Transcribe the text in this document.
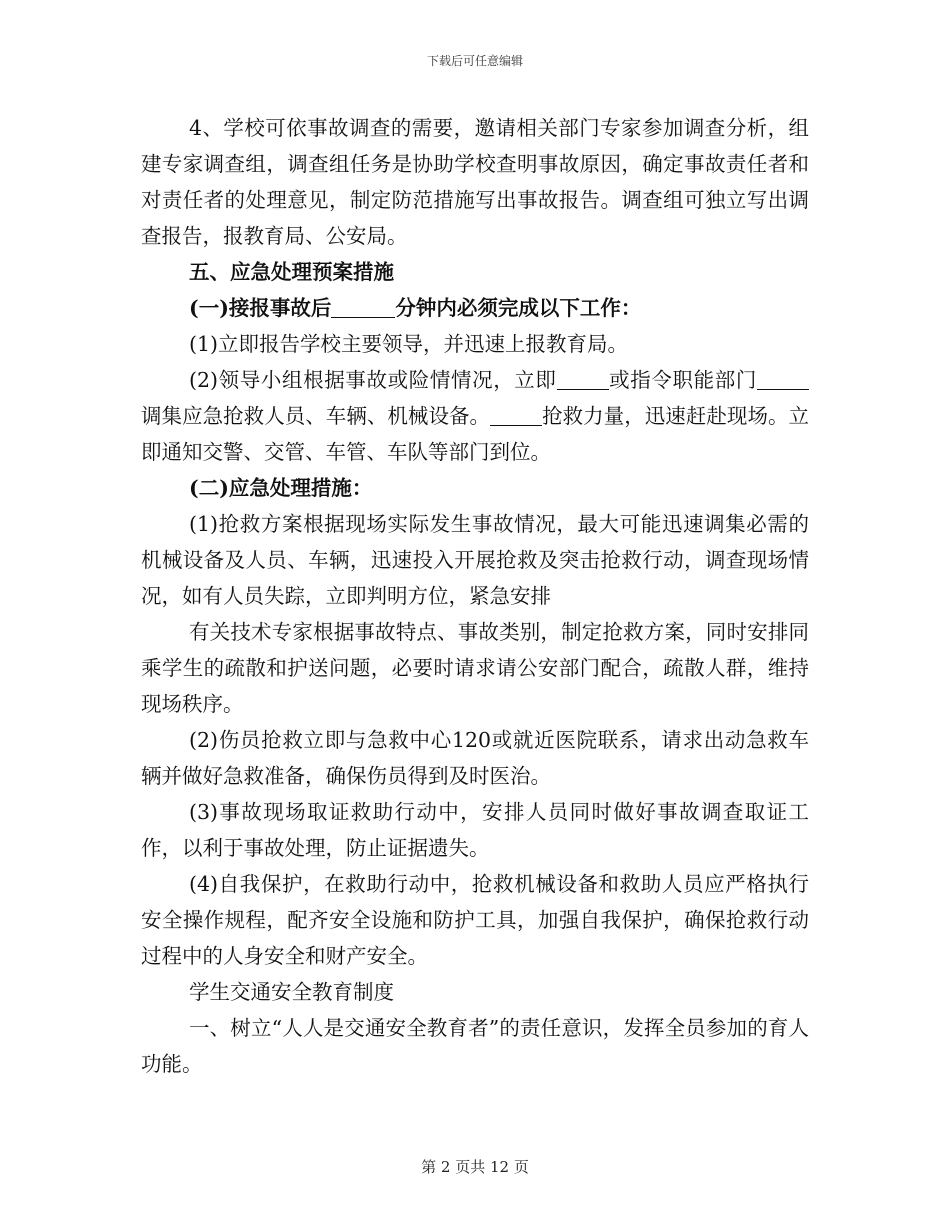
下载后可任意编辑

4、学校可依事故调查的需要，邀请相关部门专家参加调查分析，组建专家调查组，调查组任务是协助学校查明事故原因，确定事故责任者和对责任者的处理意见，制定防范措施写出事故报告。调查组可独立写出调查报告，报教育局、公安局。

五、应急处理预案措施

(一)接报事故后	分钟内必须完成以下工作：

(1)立即报告学校主要领导，并迅速上报教育局。

(2)领导小组根据事故或险情情况，立即	或指令职能部门调集应急抢救人员、车辆、机械设备。	抢救力量，迅速赶赴现场。立即通知交警、交管、车管、车队等部门到位。

(二)应急处理措施：

(1)抢救方案根据现场实际发生事故情况，最大可能迅速调集必需的机械设备及人员、车辆，迅速投入开展抢救及突击抢救行动，调查现场情况，如有人员失踪，立即判明方位，紧急安排

有关技术专家根据事故特点、事故类别，制定抢救方案，同时安排同乘学生的疏散和护送问题，必要时请求请公安部门配合，疏散人群，维持现场秩序。

(2)伤员抢救立即与急救中心120或就近医院联系，请求出动急救车辆并做好急救准备，确保伤员得到及时医治。

(3)事故现场取证救助行动中，安排人员同时做好事故调查取证工作，以利于事故处理，防止证据遗失。

(4)自我保护，在救助行动中，抢救机械设备和救助人员应严格执行安全操作规程，配齐安全设施和防护工具，加强自我保护，确保抢救行动过程中的人身安全和财产安全。

学生交通安全教育制度

一、树立“人人是交通安全教育者”的责任意识，发挥全员参加的育人功能。

第 2 页共 12 页
